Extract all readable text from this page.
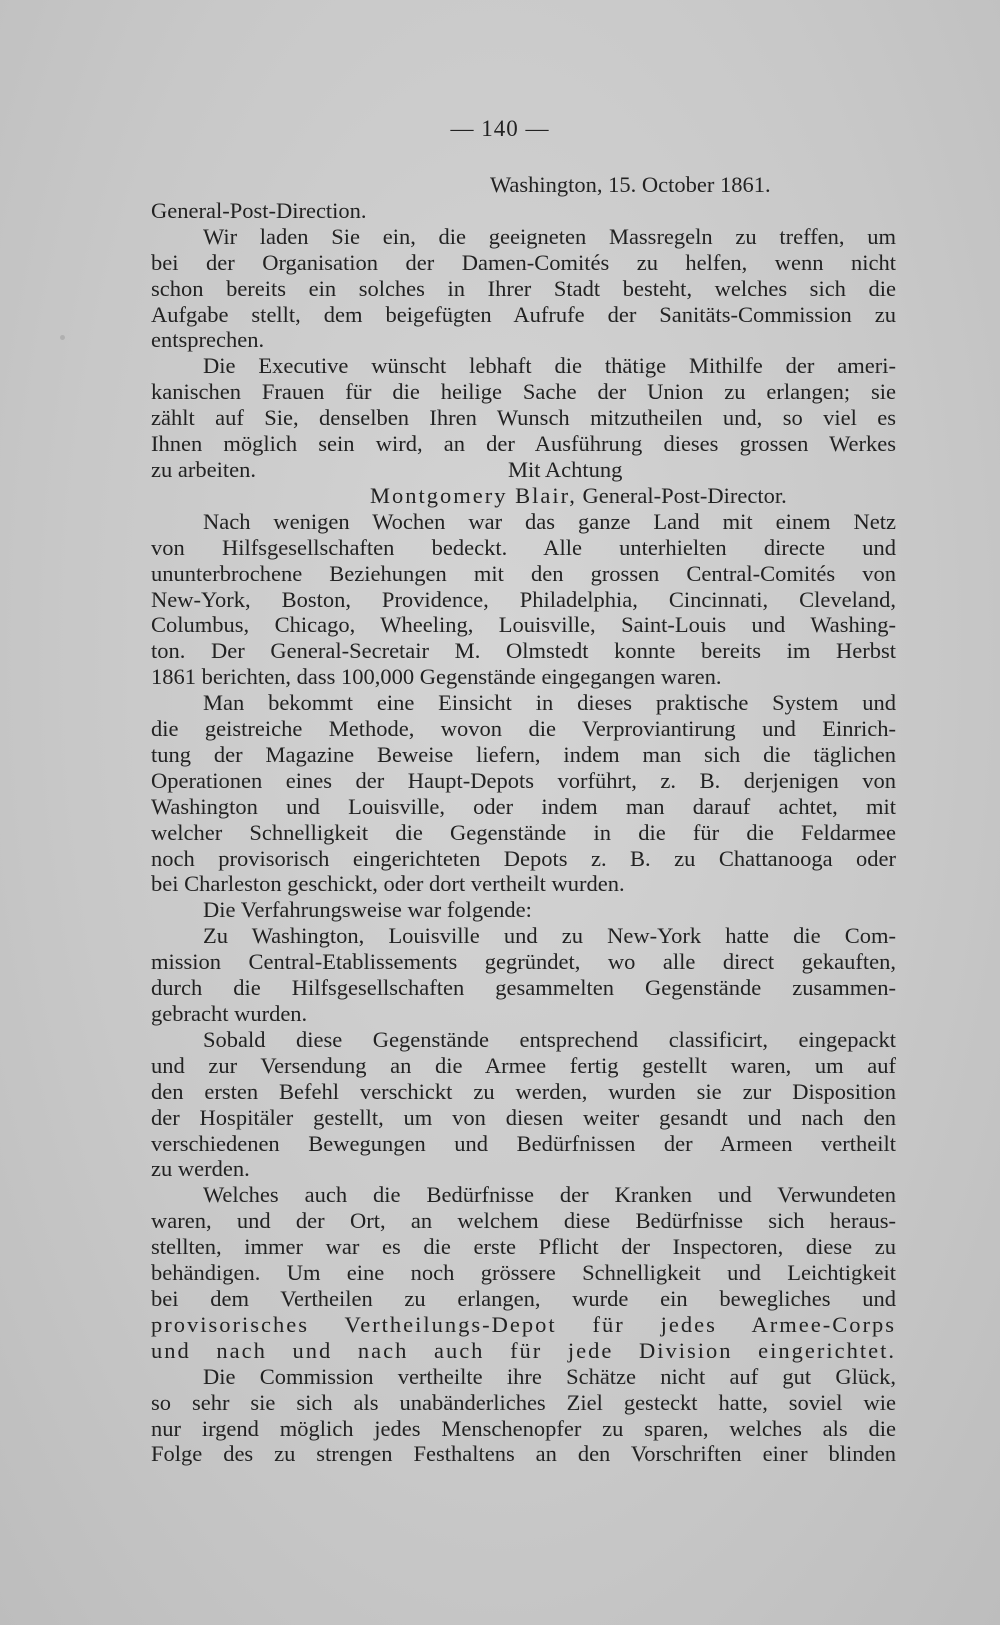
— 140 —
Washington, 15. October 1861.
General-Post-Direction.
Wir laden Sie ein, die geeigneten Massregeln zu treffen, um
bei der Organisation der Damen-Comités zu helfen, wenn nicht
schon bereits ein solches in Ihrer Stadt besteht, welches sich die
Aufgabe stellt, dem beigefügten Aufrufe der Sanitäts-Commission zu
entsprechen.
Die Executive wünscht lebhaft die thätige Mithilfe der ameri-
kanischen Frauen für die heilige Sache der Union zu erlangen; sie
zählt auf Sie, denselben Ihren Wunsch mitzutheilen und, so viel es
Ihnen möglich sein wird, an der Ausführung dieses grossen Werkes
zu arbeiten.	Mit Achtung
Montgomery Blair, General-Post-Director.
Nach wenigen Wochen war das ganze Land mit einem Netz
von Hilfsgesellschaften bedeckt. Alle unterhielten directe und
ununterbrochene Beziehungen mit den grossen Central-Comités von
New-York, Boston, Providence, Philadelphia, Cincinnati, Cleveland,
Columbus, Chicago, Wheeling, Louisville, Saint-Louis und Washing-
ton. Der General-Secretair M. Olmstedt konnte bereits im Herbst
1861 berichten, dass 100,000 Gegenstände eingegangen waren.
Man bekommt eine Einsicht in dieses praktische System und
die geistreiche Methode, wovon die Verproviantirung und Einrich-
tung der Magazine Beweise liefern, indem man sich die täglichen
Operationen eines der Haupt-Depots vorführt, z. B. derjenigen von
Washington und Louisville, oder indem man darauf achtet, mit
welcher Schnelligkeit die Gegenstände in die für die Feldarmee
noch provisorisch eingerichteten Depots z. B. zu Chattanooga oder
bei Charleston geschickt, oder dort vertheilt wurden.
Die Verfahrungsweise war folgende:
Zu Washington, Louisville und zu New-York hatte die Com-
mission Central-Etablissements gegründet, wo alle direct gekauften,
durch die Hilfsgesellschaften gesammelten Gegenstände zusammen-
gebracht wurden.
Sobald diese Gegenstände entsprechend classificirt, eingepackt
und zur Versendung an die Armee fertig gestellt waren, um auf
den ersten Befehl verschickt zu werden, wurden sie zur Disposition
der Hospitäler gestellt, um von diesen weiter gesandt und nach den
verschiedenen Bewegungen und Bedürfnissen der Armeen vertheilt
zu werden.
Welches auch die Bedürfnisse der Kranken und Verwundeten
waren, und der Ort, an welchem diese Bedürfnisse sich heraus-
stellten, immer war es die erste Pflicht der Inspectoren, diese zu
behändigen. Um eine noch grössere Schnelligkeit und Leichtigkeit
bei dem Vertheilen zu erlangen, wurde ein bewegliches und
provisorisches Vertheilungs-Depot für jedes Armee-Corps
und nach und nach auch für jede Division eingerichtet.
Die Commission vertheilte ihre Schätze nicht auf gut Glück,
so sehr sie sich als unabänderliches Ziel gesteckt hatte, soviel wie
nur irgend möglich jedes Menschenopfer zu sparen, welches als die
Folge des zu strengen Festhaltens an den Vorschriften einer blinden
